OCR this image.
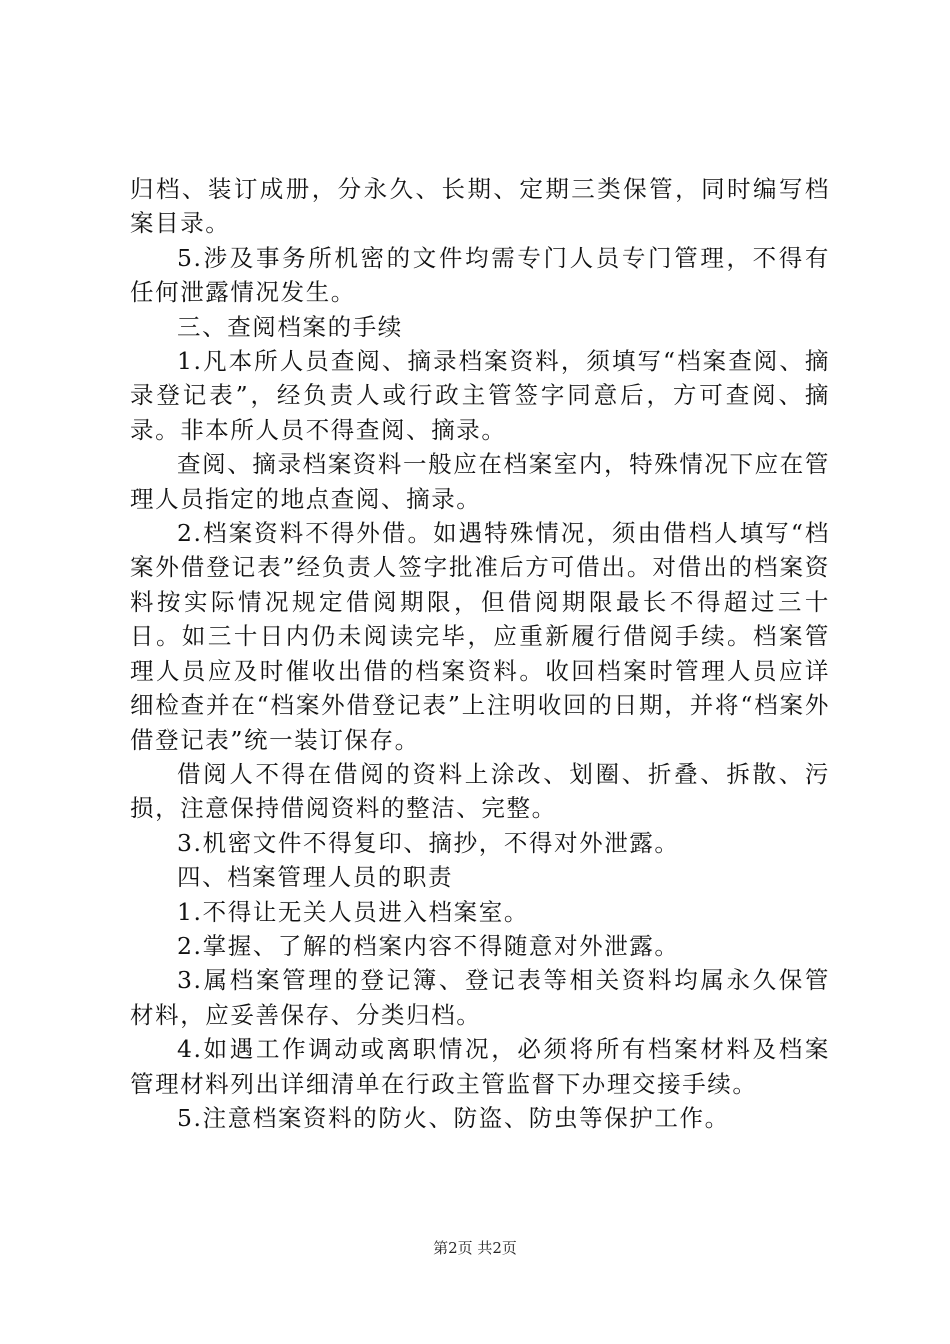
归档、装订成册，分永久、长期、定期三类保管，同时编写档案目录。

5.涉及事务所机密的文件均需专门人员专门管理，不得有任何泄露情况发生。

三、查阅档案的手续

1.凡本所人员查阅、摘录档案资料，须填写“档案查阅、摘录登记表”，经负责人或行政主管签字同意后，方可查阅、摘录。非本所人员不得查阅、摘录。

查阅、摘录档案资料一般应在档案室内，特殊情况下应在管理人员指定的地点查阅、摘录。

2.档案资料不得外借。如遇特殊情况，须由借档人填写“档案外借登记表”经负责人签字批准后方可借出。对借出的档案资料按实际情况规定借阅期限，但借阅期限最长不得超过三十日。如三十日内仍未阅读完毕，应重新履行借阅手续。档案管理人员应及时催收出借的档案资料。收回档案时管理人员应详细检查并在“档案外借登记表”上注明收回的日期，并将“档案外借登记表”统一装订保存。

借阅人不得在借阅的资料上涂改、划圈、折叠、拆散、污损，注意保持借阅资料的整洁、完整。

3.机密文件不得复印、摘抄，不得对外泄露。

四、档案管理人员的职责

1.不得让无关人员进入档案室。

2.掌握、了解的档案内容不得随意对外泄露。

3.属档案管理的登记簿、登记表等相关资料均属永久保管材料，应妥善保存、分类归档。

4.如遇工作调动或离职情况，必须将所有档案材料及档案管理材料列出详细清单在行政主管监督下办理交接手续。

5.注意档案资料的防火、防盗、防虫等保护工作。

第2页 共2页
